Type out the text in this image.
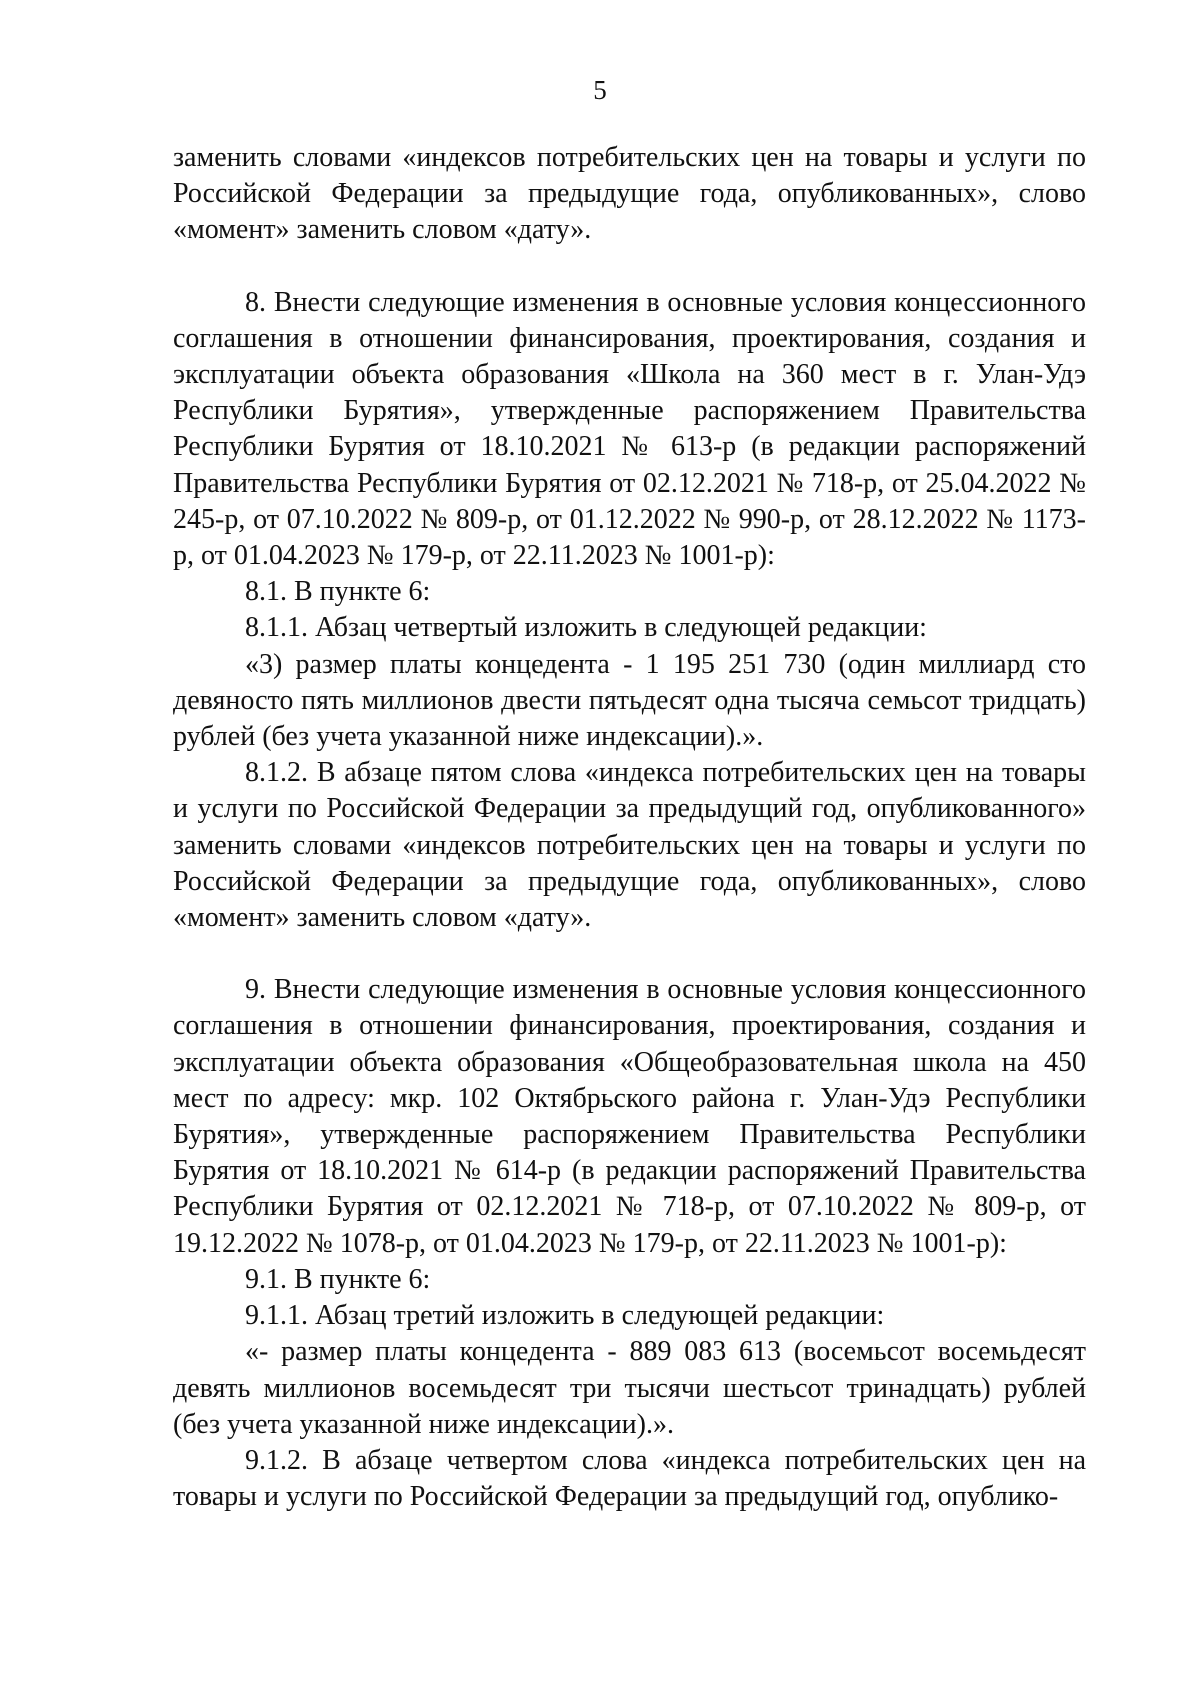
5

заменить словами «индексов потребительских цен на товары и услуги по Российской Федерации за предыдущие года, опубликованных», слово «момент» заменить словом «дату».

8. Внести следующие изменения в основные условия концессионного соглашения в отношении финансирования, проектирования, создания и эксплуатации объекта образования «Школа на 360 мест в г. Улан-Удэ Республики Бурятия», утвержденные распоряжением Правительства Республики Бурятия от 18.10.2021 № 613-р (в редакции распоряжений Правительства Республики Бурятия от 02.12.2021 № 718-р, от 25.04.2022 № 245-р, от 07.10.2022 № 809-р, от 01.12.2022 № 990-р, от 28.12.2022 № 1173-р, от 01.04.2023 № 179-р, от 22.11.2023 № 1001-р):

8.1. В пункте 6:

8.1.1. Абзац четвертый изложить в следующей редакции:

«3) размер платы концедента - 1 195 251 730 (один миллиард сто девяносто пять миллионов двести пятьдесят одна тысяча семьсот тридцать) рублей (без учета указанной ниже индексации).».

8.1.2. В абзаце пятом слова «индекса потребительских цен на товары и услуги по Российской Федерации за предыдущий год, опубликованного» заменить словами «индексов потребительских цен на товары и услуги по Российской Федерации за предыдущие года, опубликованных», слово «момент» заменить словом «дату».

9. Внести следующие изменения в основные условия концессионного соглашения в отношении финансирования, проектирования, создания и эксплуатации объекта образования «Общеобразовательная школа на 450 мест по адресу: мкр. 102 Октябрьского района г. Улан-Удэ Республики Бурятия», утвержденные распоряжением Правительства Республики Бурятия от 18.10.2021 № 614-р (в редакции распоряжений Правительства Республики Бурятия от 02.12.2021 № 718-р, от 07.10.2022 № 809-р, от 19.12.2022 № 1078-р, от 01.04.2023 № 179-р, от 22.11.2023 № 1001-р):

9.1. В пункте 6:

9.1.1. Абзац третий изложить в следующей редакции:

«- размер платы концедента - 889 083 613 (восемьсот восемьдесят девять миллионов восемьдесят три тысячи шестьсот тринадцать) рублей (без учета указанной ниже индексации).».

9.1.2. В абзаце четвертом слова «индекса потребительских цен на товары и услуги по Российской Федерации за предыдущий год, опублико-
